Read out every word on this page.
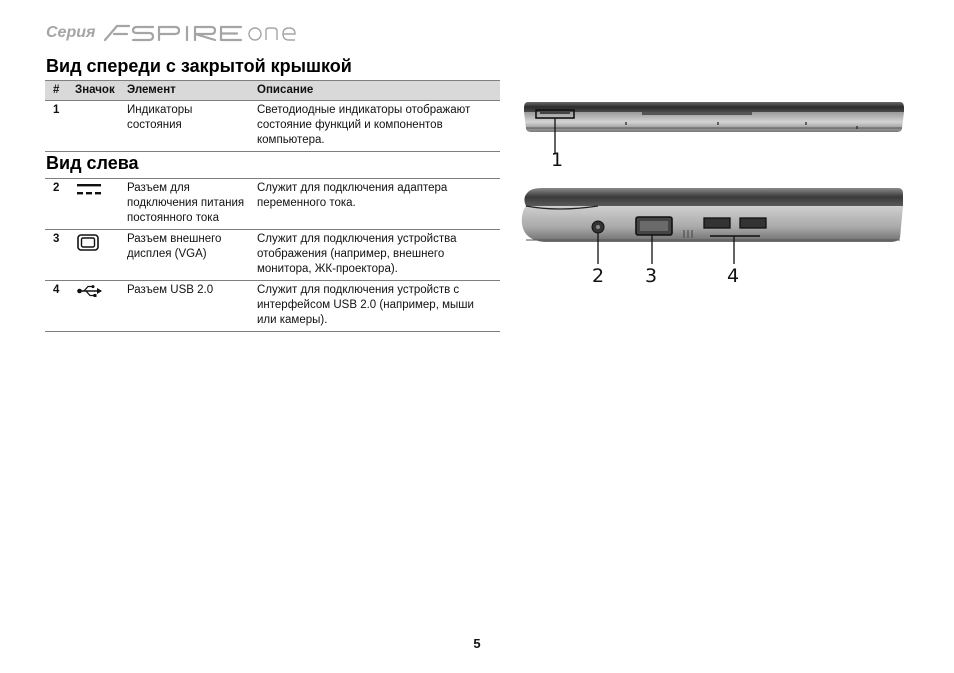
Серия
Вид спереди с закрытой крышкой
#	Значок	Элемент	Описание
1		Индикаторы состояния	Светодиодные индикаторы отображают состояние функций и компонентов компьютера.
Вид слева
2		Разъем для подключения питания постоянного тока	Служит для подключения адаптера переменного тока.
3		Разъем внешнего дисплея (VGA)	Служит для подключения устройства отображения (например, внешнего монитора, ЖК-проектора).
4		Разъем USB 2.0	Служит для подключения устройств с интерфейсом USB 2.0 (например, мыши или камеры).
1
2 3	4
5
